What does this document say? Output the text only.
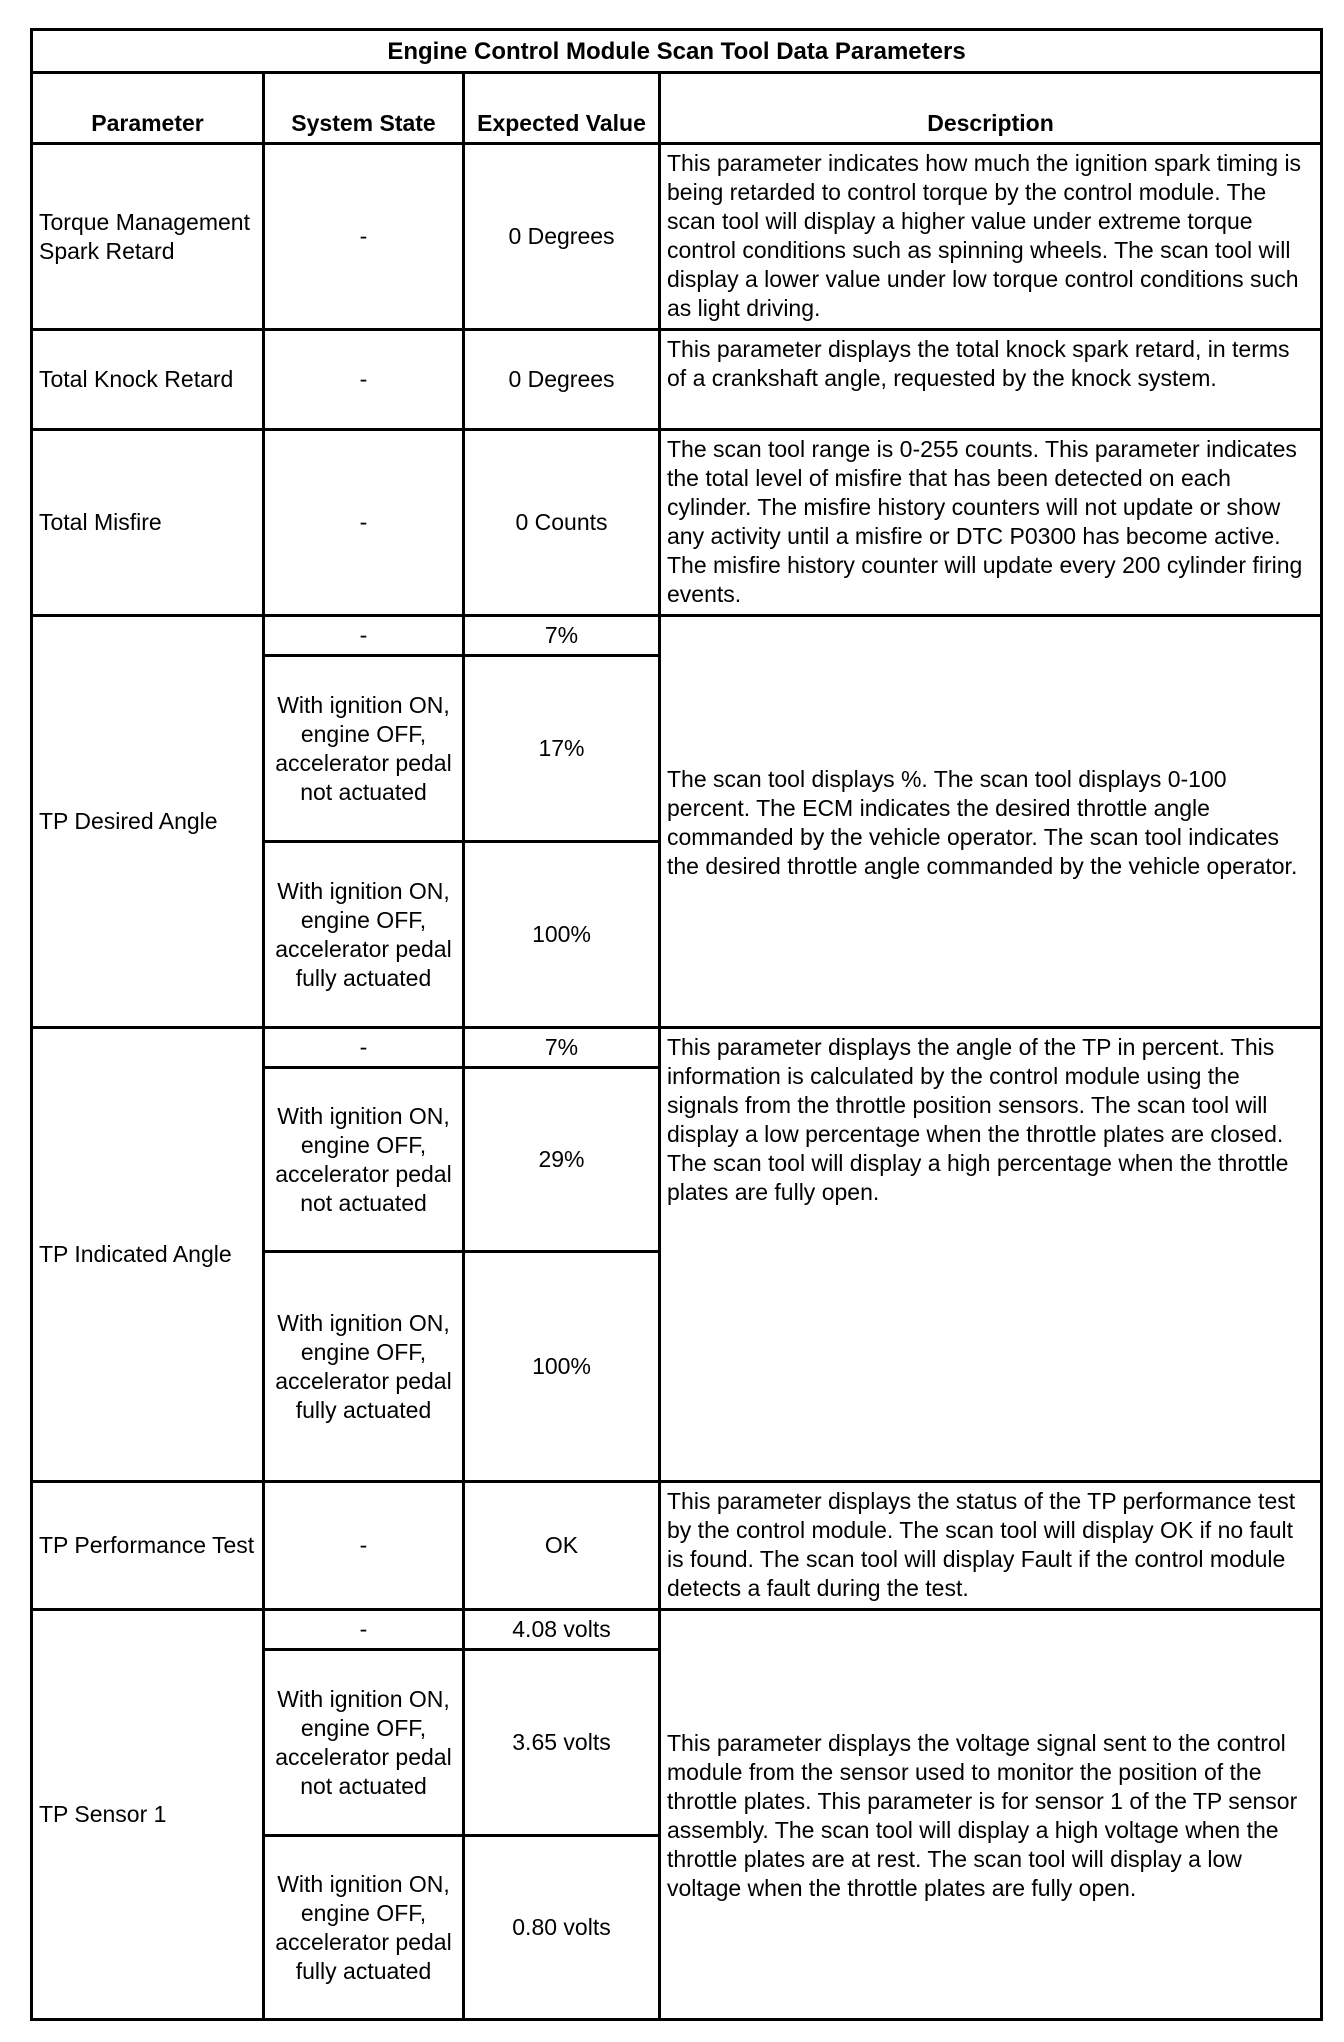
Engine Control Module Scan Tool Data Parameters			
Parameter	System State	Expected Value	Description
Torque Management Spark Retard	-	0 Degrees	This parameter indicates how much the ignition spark timing is being retarded to control torque by the control module. The scan tool will display a higher value under extreme torque control conditions such as spinning wheels. The scan tool will display a lower value under low torque control conditions such as light driving.
Total Knock Retard	-	0 Degrees	This parameter displays the total knock spark retard, in terms of a crankshaft angle, requested by the knock system.
Total Misfire	-	0 Counts	The scan tool range is 0-255 counts. This parameter indicates the total level of misfire that has been detected on each cylinder. The misfire history counters will not update or show any activity until a misfire or DTC P0300 has become active. The misfire history counter will update every 200 cylinder firing events.
TP Desired Angle	-	7%	The scan tool displays %. The scan tool displays 0-100 percent. The ECM indicates the desired throttle angle commanded by the vehicle operator. The scan tool indicates the desired throttle angle commanded by the vehicle operator.
	With ignition ON, engine OFF, accelerator pedal not actuated	17%	
	With ignition ON, engine OFF, accelerator pedal fully actuated	100%	
TP Indicated Angle	-	7%	This parameter displays the angle of the TP in percent. This information is calculated by the control module using the signals from the throttle position sensors. The scan tool will display a low percentage when the throttle plates are closed. The scan tool will display a high percentage when the throttle plates are fully open.
	With ignition ON, engine OFF, accelerator pedal not actuated	29%	
	With ignition ON, engine OFF, accelerator pedal fully actuated	100%	
TP Performance Test	-	OK	This parameter displays the status of the TP performance test by the control module. The scan tool will display OK if no fault is found. The scan tool will display Fault if the control module detects a fault during the test.
TP Sensor 1	-	4.08 volts	This parameter displays the voltage signal sent to the control module from the sensor used to monitor the position of the throttle plates. This parameter is for sensor 1 of the TP sensor assembly. The scan tool will display a high voltage when the throttle plates are at rest. The scan tool will display a low voltage when the throttle plates are fully open.
	With ignition ON, engine OFF, accelerator pedal not actuated	3.65 volts	
	With ignition ON, engine OFF, accelerator pedal fully actuated	0.80 volts	
